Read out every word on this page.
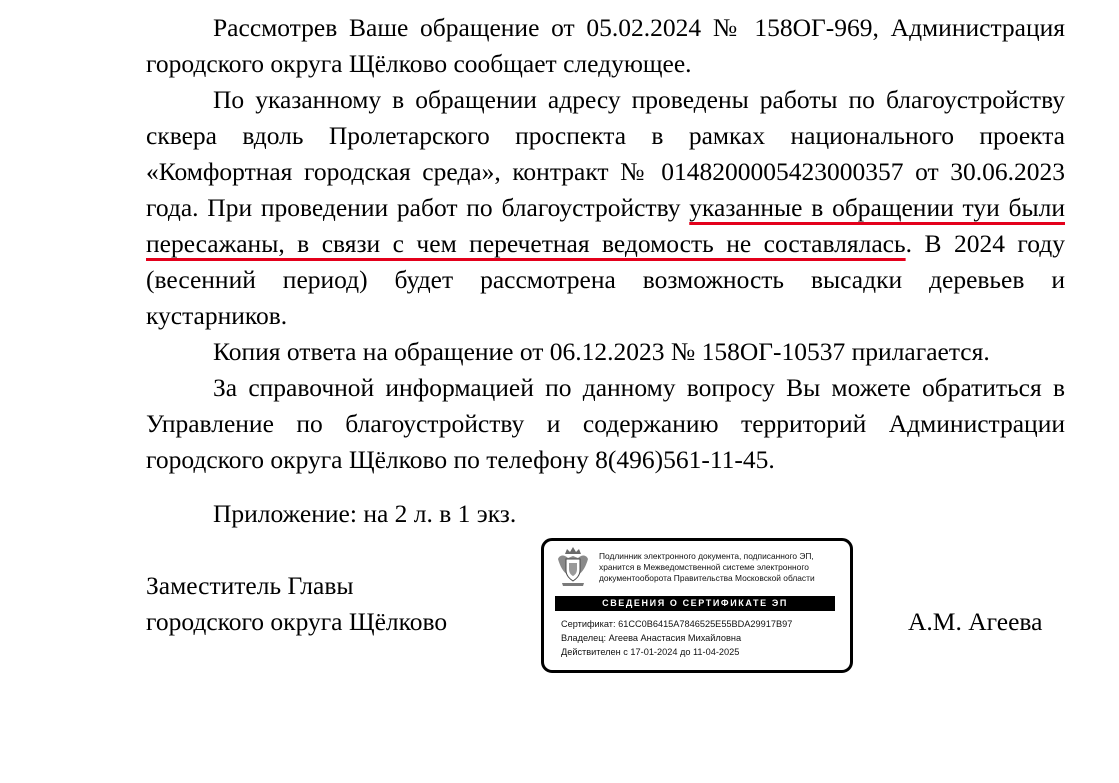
Рассмотрев Ваше обращение от 05.02.2024 № 158ОГ-969, Администрация городского округа Щёлково сообщает следующее.

По указанному в обращении адресу проведены работы по благоустройству сквера вдоль Пролетарского проспекта в рамках национального проекта «Комфортная городская среда», контракт № 0148200005423000357 от 30.06.2023 года. При проведении работ по благоустройству указанные в обращении туи были пересажаны, в связи с чем перечетная ведомость не составлялась. В 2024 году (весенний период) будет рассмотрена возможность высадки деревьев и кустарников.

Копия ответа на обращение от 06.12.2023 № 158ОГ-10537 прилагается.

За справочной информацией по данному вопросу Вы можете обратиться в Управление по благоустройству и содержанию территорий Администрации городского округа Щёлково по телефону 8(496)561-11-45.

Приложение: на 2 л. в 1 экз.

Заместитель Главы
городского округа Щёлково
Подлинник электронного документа, подписанного ЭП,
хранится в Межведомственной системе электронного
документооборота Правительства Московской области
СВЕДЕНИЯ О СЕРТИФИКАТЕ ЭП
Сертификат: 61CC0B6415A7846525E55BDA29917B97
Владелец: Агеева Анастасия Михайловна
Действителен с 17-01-2024 до 11-04-2025
А.М. Агеева
